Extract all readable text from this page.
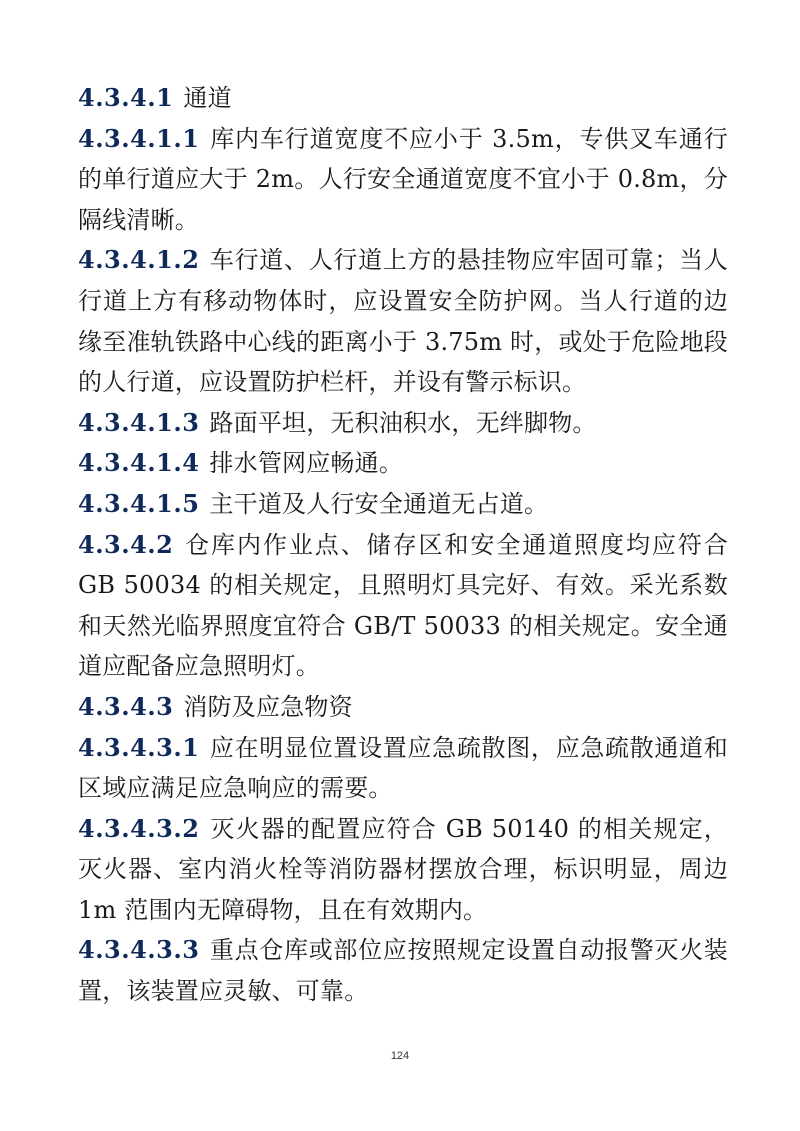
4.3.4.1 通道

4.3.4.1.1 库内车行道宽度不应小于 3.5m，专供叉车通行的单行道应大于 2m。人行安全通道宽度不宜小于 0.8m，分隔线清晰。

4.3.4.1.2 车行道、人行道上方的悬挂物应牢固可靠；当人行道上方有移动物体时，应设置安全防护网。当人行道的边缘至准轨铁路中心线的距离小于 3.75m 时，或处于危险地段的人行道，应设置防护栏杆，并设有警示标识。

4.3.4.1.3 路面平坦，无积油积水，无绊脚物。

4.3.4.1.4 排水管网应畅通。

4.3.4.1.5 主干道及人行安全通道无占道。

4.3.4.2 仓库内作业点、储存区和安全通道照度均应符合 GB 50034 的相关规定，且照明灯具完好、有效。采光系数和天然光临界照度宜符合 GB/T 50033 的相关规定。安全通道应配备应急照明灯。

4.3.4.3 消防及应急物资

4.3.4.3.1 应在明显位置设置应急疏散图，应急疏散通道和区域应满足应急响应的需要。

4.3.4.3.2 灭火器的配置应符合 GB 50140 的相关规定，灭火器、室内消火栓等消防器材摆放合理，标识明显，周边 1m 范围内无障碍物，且在有效期内。

4.3.4.3.3 重点仓库或部位应按照规定设置自动报警灭火装置，该装置应灵敏、可靠。

124
